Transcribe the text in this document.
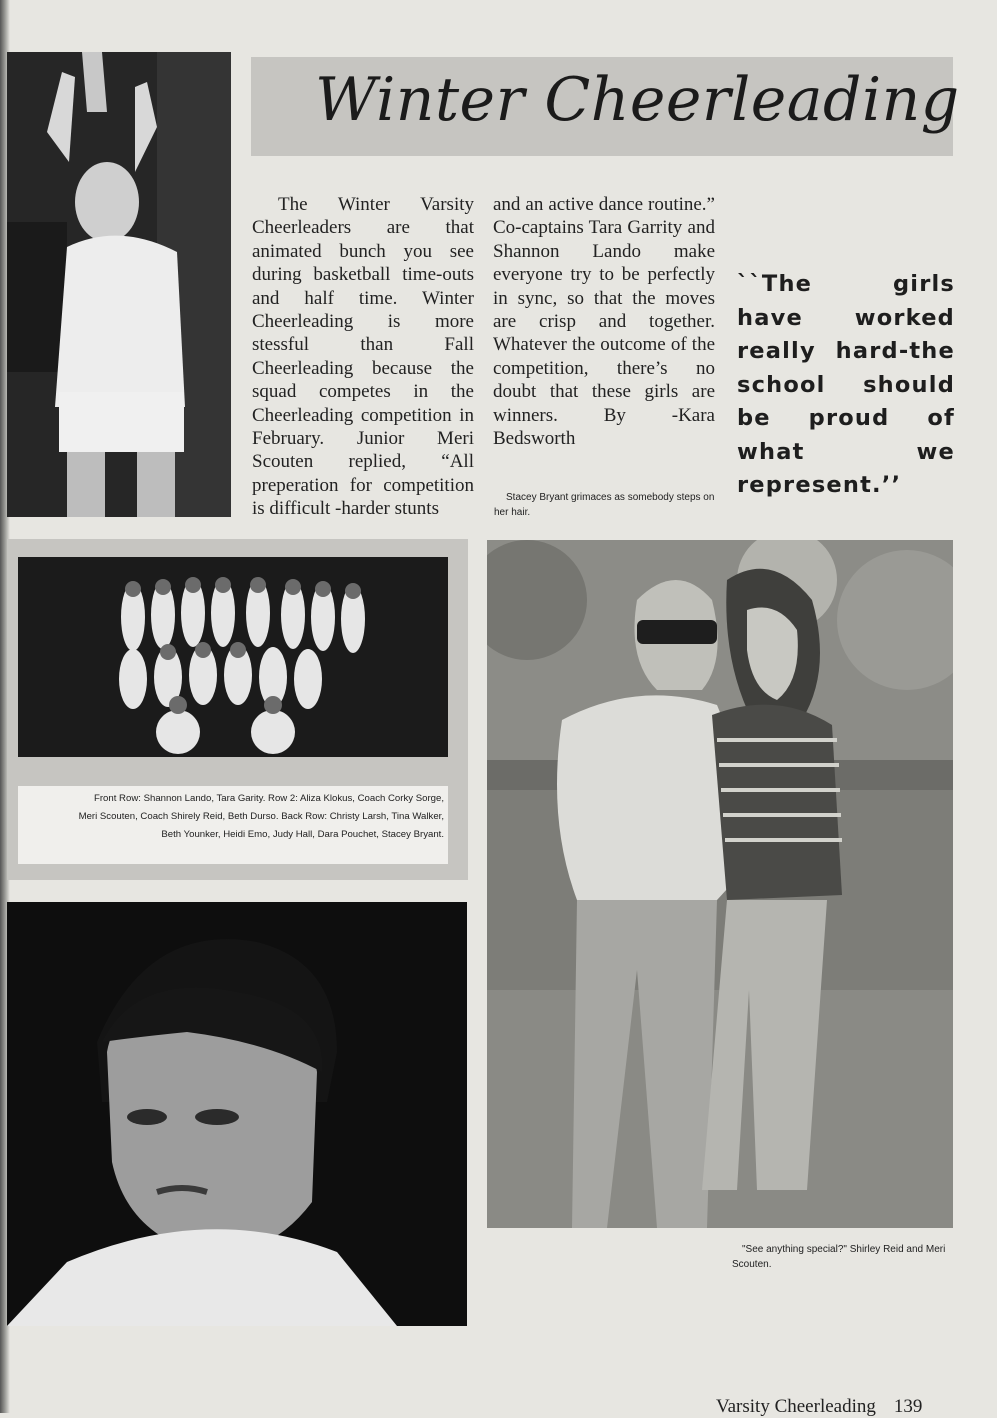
Winter Cheerleading
The Winter Varsity Cheerleaders are that animated bunch you see during basketball time-outs and half time. Winter Cheerleading is more stessful than Fall Cheerleading because the squad competes in the Cheerleading competition in February. Junior Meri Scouten replied, “All preperation for competition is difficult -harder stunts
and an active dance routine.” Co-captains Tara Garrity and Shannon Lando make everyone try to be perfectly in sync, so that the moves are crisp and together. Whatever the outcome of the competition, there’s no doubt that these girls are winners. By -Kara Bedsworth
Stacey Bryant grimaces as somebody steps on her hair.
``The girls have worked really hard-the school should be proud of what we represent.’’
Front Row: Shannon Lando, Tara Garity. Row 2: Aliza Klokus, Coach Corky Sorge,
Meri Scouten, Coach Shirely Reid, Beth Durso. Back Row: Christy Larsh, Tina Walker,
Beth Younker, Heidi Emo, Judy Hall, Dara Pouchet, Stacey Bryant.
"See anything special?" Shirley Reid and Meri Scouten.
Varsity Cheerleading 139
